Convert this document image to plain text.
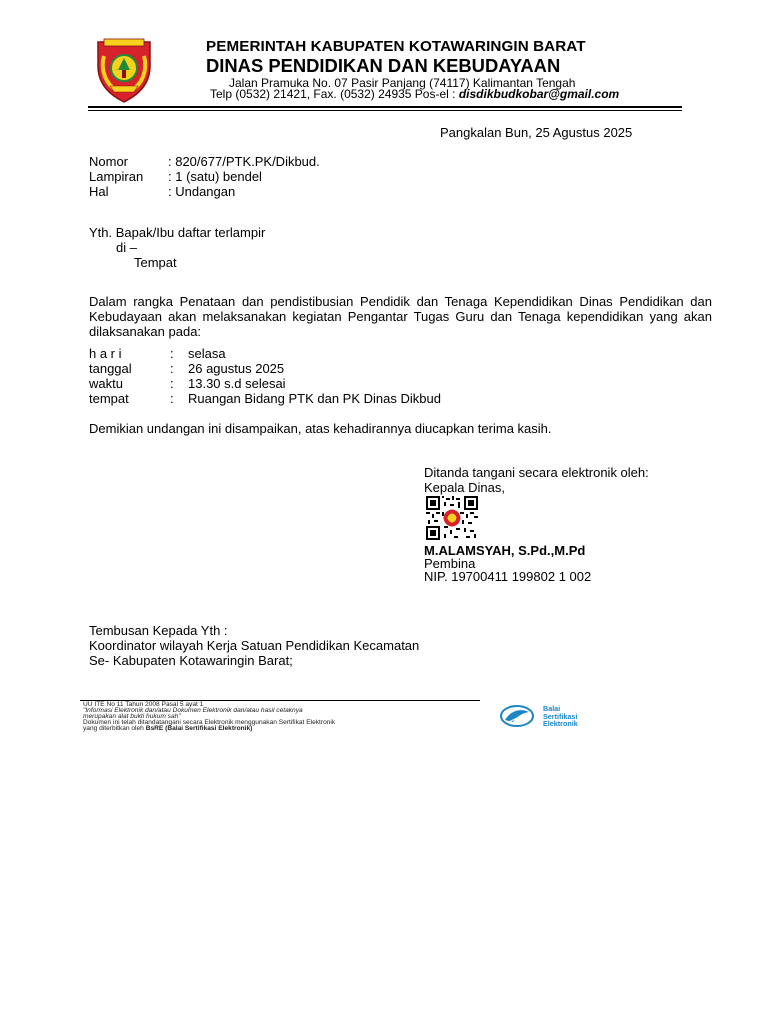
PEMERINTAH KABUPATEN KOTAWARINGIN BARAT
DINAS PENDIDIKAN DAN KEBUDAYAAN
Jalan Pramuka No. 07 Pasir Panjang (74117) Kalimantan Tengah
Telp (0532) 21421, Fax. (0532) 24935 Pos-el : disdikbudkobar@gmail.com
Pangkalan Bun, 25 Agustus 2025
Nomor	: 820/677/PTK.PK/Dikbud.
Lampiran : 1 (satu) bendel
Hal	: Undangan
Yth. Bapak/Ibu daftar terlampir
di –
Tempat
Dalam rangka Penataan dan pendistibusian Pendidik dan Tenaga Kependidikan Dinas Pendidikan dan Kebudayaan akan melaksanakan kegiatan Pengantar Tugas Guru dan Tenaga kependidikan yang akan dilaksanakan pada:
h a r i	: selasa
tanggal	: 26 agustus 2025
waktu	: 13.30 s.d selesai
tempat	: Ruangan Bidang PTK dan PK Dinas Dikbud
Demikian undangan ini disampaikan, atas kehadirannya diucapkan terima kasih.
Ditanda tangani secara elektronik oleh:
Kepala Dinas,
M.ALAMSYAH, S.Pd.,M.Pd
Pembina
NIP. 19700411 199802 1 002
Tembusan Kepada Yth :
Koordinator wilayah Kerja Satuan Pendidikan Kecamatan
Se- Kabupaten Kotawaringin Barat;
UU ITE No 11 Tahun 2008 Pasal 5 ayat 1
"Informasi Elektronik dan/atau Dokumen Elektronik dan/atau hasil cetaknya
merupakan alat bukti hukum sah"
Dokumen ini telah ditandatangani secara Elektronik menggunakan Sertifikat Elektronik
yang diterbitkan oleh BsRE (Balai Sertifikasi Elektronik)
Balai
Sertifikasi
Elektronik
